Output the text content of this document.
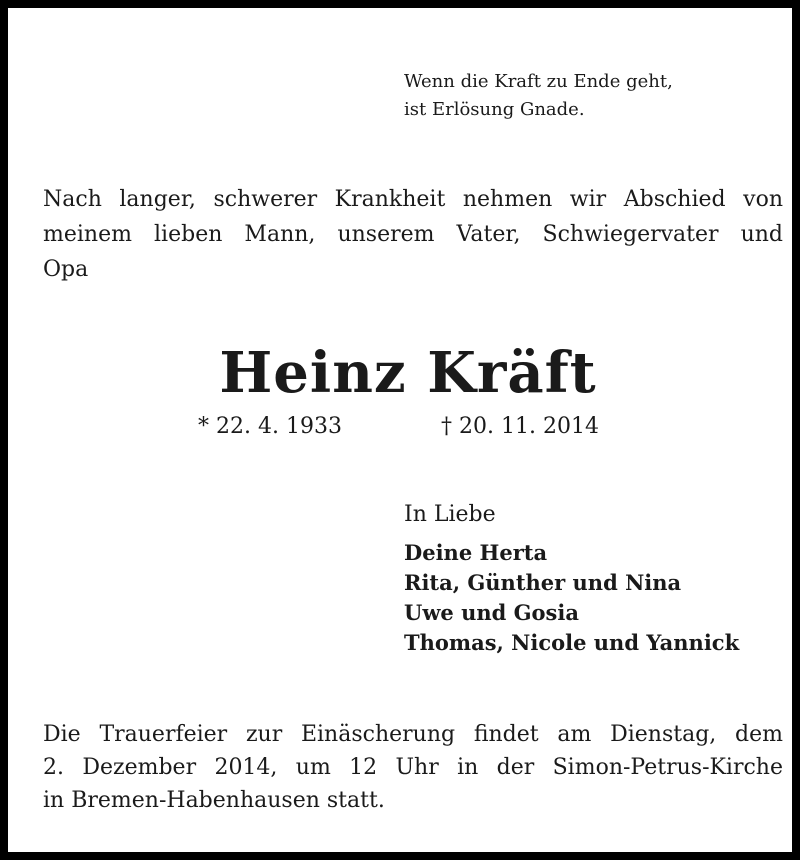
Wenn die Kraft zu Ende geht,
ist Erlösung Gnade.
Nach langer, schwerer Krankheit nehmen wir Abschied von
meinem lieben Mann, unserem Vater, Schwiegervater und
Opa
Heinz Kräft
* 22. 4. 1933	† 20. 11. 2014
In Liebe
Deine Herta
Rita, Günther und Nina
Uwe und Gosia
Thomas, Nicole und Yannick
Die Trauerfeier zur Einäscherung findet am Dienstag, dem
2. Dezember 2014, um 12 Uhr in der Simon-Petrus-Kirche
in Bremen-Habenhausen statt.
